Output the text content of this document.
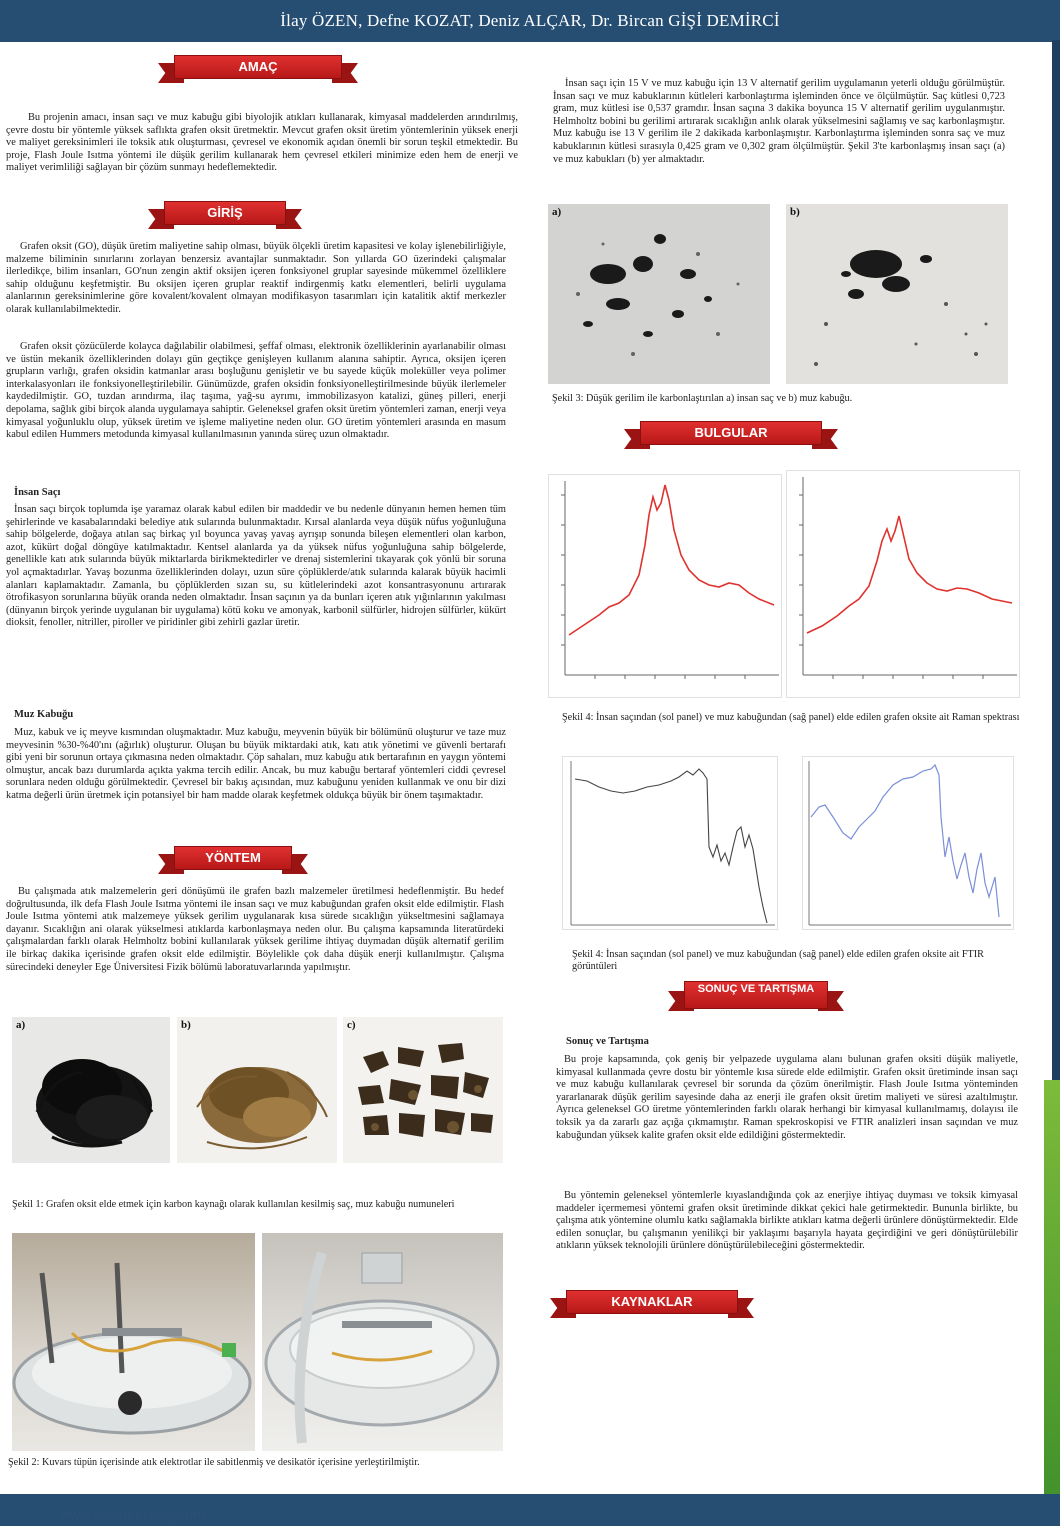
İlay ÖZEN, Defne KOZAT, Deniz ALÇAR, Dr. Bircan GİŞİ DEMİRCİ
AMAÇ
Bu projenin amacı, insan saçı ve muz kabuğu gibi biyolojik atıkları kullanarak, kimyasal maddelerden arındırılmış, çevre dostu bir yöntemle yüksek saflıkta grafen oksit üretmektir. Mevcut grafen oksit üretim yöntemlerinin yüksek enerji ve maliyet gereksinimleri ile toksik atık oluşturması, çevresel ve ekonomik açıdan önemli bir sorun teşkil etmektedir. Bu proje, Flash Joule Isıtma yöntemi ile düşük gerilim kullanarak hem çevresel etkileri minimize eden hem de enerji ve maliyet verimliliği sağlayan bir çözüm sunmayı hedeflemektedir.
GİRİŞ
Grafen oksit (GO), düşük üretim maliyetine sahip olması, büyük ölçekli üretim kapasitesi ve kolay işlenebilirliğiyle, malzeme biliminin sınırlarını zorlayan benzersiz avantajlar sunmaktadır. Son yıllarda GO üzerindeki çalışmalar ilerledikçe, bilim insanları, GO'nun zengin aktif oksijen içeren fonksiyonel gruplar sayesinde mükemmel özelliklere sahip olduğunu keşfetmiştir. Bu oksijen içeren gruplar reaktif indirgenmiş katkı elementleri, belirli uygulama alanlarının gereksinimlerine göre kovalent/kovalent olmayan modifikasyon tasarımları için katalitik aktif merkezler olarak kullanılabilmektedir.
Grafen oksit çözücülerde kolayca dağılabilir olabilmesi, şeffaf olması, elektronik özelliklerinin ayarlanabilir olması ve üstün mekanik özelliklerinden dolayı gün geçtikçe genişleyen kullanım alanına sahiptir. Ayrıca, oksijen içeren grupların varlığı, grafen oksidin katmanlar arası boşluğunu genişletir ve bu sayede küçük moleküller veya polimer interkalasyonları ile fonksiyonelleştirilebilir. Günümüzde, grafen oksidin fonksiyonelleştirilmesinde büyük ilerlemeler kaydedilmiştir. GO, tuzdan arındırma, ilaç taşıma, yağ-su ayrımı, immobilizasyon katalizi, güneş pilleri, enerji depolama, sağlık gibi birçok alanda uygulamaya sahiptir. Geleneksel grafen oksit üretim yöntemleri zaman, enerji veya kimyasal yoğunluklu olup, yüksek üretim ve işleme maliyetine neden olur. GO üretim yöntemleri arasında en masum kabul edilen Hummers metodunda kimyasal kullanılmasının yanında süreç uzun olmaktadır.
İnsan Saçı
İnsan saçı birçok toplumda işe yaramaz olarak kabul edilen bir maddedir ve bu nedenle dünyanın hemen hemen tüm şehirlerinde ve kasabalarındaki belediye atık sularında bulunmaktadır. Kırsal alanlarda veya düşük nüfus yoğunluğuna sahip bölgelerde, doğaya atılan saç birkaç yıl boyunca yavaş yavaş ayrışıp sonunda bileşen elementleri olan karbon, azot, kükürt doğal döngüye katılmaktadır. Kentsel alanlarda ya da yüksek nüfus yoğunluğuna sahip bölgelerde, genellikle katı atık sularında büyük miktarlarda birikmektedirler ve drenaj sistemlerini tıkayarak çok yönlü bir soruna yol açmaktadırlar. Yavaş bozunma özelliklerinden dolayı, uzun süre çöplüklerde/atık sularında kalarak büyük hacimli alanları kaplamaktadır. Zamanla, bu çöplüklerden sızan su, su kütlelerindeki azot konsantrasyonunu artırarak ötrofikasyon sorunlarına büyük oranda neden olmaktadır. İnsan saçının ya da bunları içeren atık yığınlarının yakılması (dünyanın birçok yerinde uygulanan bir uygulama) kötü koku ve amonyak, karbonil sülfürler, hidrojen sülfürler, kükürt dioksit, fenoller, nitriller, piroller ve piridinler gibi zehirli gazlar üretir.
Muz Kabuğu
Muz, kabuk ve iç meyve kısmından oluşmaktadır. Muz kabuğu, meyvenin büyük bir bölümünü oluşturur ve taze muz meyvesinin %30-%40'ını (ağırlık) oluşturur. Oluşan bu büyük miktardaki atık, katı atık yönetimi ve güvenli bertarafı gibi yeni bir sorunun ortaya çıkmasına neden olmaktadır. Çöp sahaları, muz kabuğu atık bertarafının en yaygın yöntemi olmuştur, ancak bazı durumlarda açıkta yakma tercih edilir. Ancak, bu muz kabuğu bertaraf yöntemleri ciddi çevresel sorunlara neden olduğu görülmektedir. Çevresel bir bakış açısından, muz kabuğunu yeniden kullanmak ve onu bir dizi katma değerli ürün üretmek için potansiyel bir ham madde olarak keşfetmek oldukça büyük bir önem taşımaktadır.
YÖNTEM
Bu çalışmada atık malzemelerin geri dönüşümü ile grafen bazlı malzemeler üretilmesi hedeflenmiştir. Bu hedef doğrultusunda, ilk defa Flash Joule Isıtma yöntemi ile insan saçı ve muz kabuğundan grafen oksit elde edilmiştir. Flash Joule Isıtma yöntemi atık malzemeye yüksek gerilim uygulanarak kısa sürede sıcaklığın yükseltmesini sağlamaya dayanır. Sıcaklığın ani olarak yükselmesi atıklarda karbonlaşmaya neden olur. Bu çalışma kapsamında literatürdeki çalışmalardan farklı olarak Helmholtz bobini kullanılarak yüksek gerilime ihtiyaç duymadan düşük alternatif gerilim ile birkaç dakika içerisinde grafen oksit elde edilmiştir. Böylelikle çok daha düşük enerji kullanılmıştır. Çalışma sürecindeki deneyler Ege Üniversitesi Fizik bölümü laboratuvarlarında yapılmıştır.
a)	b)	c)
Şekil 1: Grafen oksit elde etmek için karbon kaynağı olarak kullanılan kesilmiş saç, muz kabuğu numuneleri
Şekil 2: Kuvars tüpün içerisinde atık elektrotlar ile sabitlenmiş ve desikatör içerisine yerleştirilmiştir.
İnsan saçı için 15 V ve muz kabuğu için 13 V alternatif gerilim uygulamanın yeterli olduğu görülmüştür. İnsan saçı ve muz kabuklarının kütleleri karbonlaştırma işleminden önce ve ölçülmüştür. Saç kütlesi 0,723 gram, muz kütlesi ise 0,537 gramdır. İnsan saçına 3 dakika boyunca 15 V alternatif gerilim uygulanmıştır. Helmholtz bobini bu gerilimi artırarak sıcaklığın anlık olarak yükselmesini sağlamış ve saç karbonlaşmıştır. Muz kabuğu ise 13 V gerilim ile 2 dakikada karbonlaşmıştır. Karbonlaştırma işleminden sonra saç ve muz kabuklarının kütlesi sırasıyla 0,425 gram ve 0,302 gram ölçülmüştür. Şekil 3'te karbonlaşmış insan saçı (a) ve muz kabukları (b) yer almaktadır.
a)	b)
Şekil 3: Düşük gerilim ile karbonlaştırılan a) insan saç ve b) muz kabuğu.
BULGULAR
Şekil 4: İnsan saçından (sol panel) ve muz kabuğundan (sağ panel) elde edilen grafen oksite ait Raman spektrası
Şekil 4: İnsan saçından (sol panel) ve muz kabuğundan (sağ panel) elde edilen grafen oksite ait FTIR görüntüleri
SONUÇ VE TARTIŞMA
Sonuç ve Tartışma
Bu proje kapsamında, çok geniş bir yelpazede uygulama alanı bulunan grafen oksiti düşük maliyetle, kimyasal kullanmada çevre dostu bir yöntemle kısa sürede elde edilmiştir. Grafen oksit üretiminde insan saçı ve muz kabuğu kullanılarak çevresel bir sorunda da çözüm önerilmiştir. Flash Joule Isıtma yönteminden yararlanarak düşük gerilim sayesinde daha az enerji ile grafen oksit üretim maliyeti ve süresi azaltılmıştır. Ayrıca geleneksel GO üretme yöntemlerinden farklı olarak herhangi bir kimyasal kullanılmamış, dolayısı ile toksik ya da zararlı gaz açığa çıkmamıştır. Raman spekroskopisi ve FTIR analizleri insan saçından ve muz kabuğundan yüksek kalite grafen oksit elde edildiğini göstermektedir.
Bu yöntemin geleneksel yöntemlerle kıyaslandığında çok az enerjiye ihtiyaç duyması ve toksik kimyasal maddeler içermemesi yöntemi grafen oksit üretiminde dikkat çekici hale getirmektedir. Bununla birlikte, bu çalışma atık yöntemine olumlu katkı sağlamakla birlikte atıkları katma değerli ürünlere dönüştürmektedir. Elde edilen sonuçlar, bu çalışmanın yenilikçi bir yaklaşımı başarıyla hayata geçirdiğini ve geri dönüştürülebilir atıkların yüksek teknolojili ürünlere dönüştürülebileceğini göstermektedir.
KAYNAKLAR
www.ozelturkkoleji.com
